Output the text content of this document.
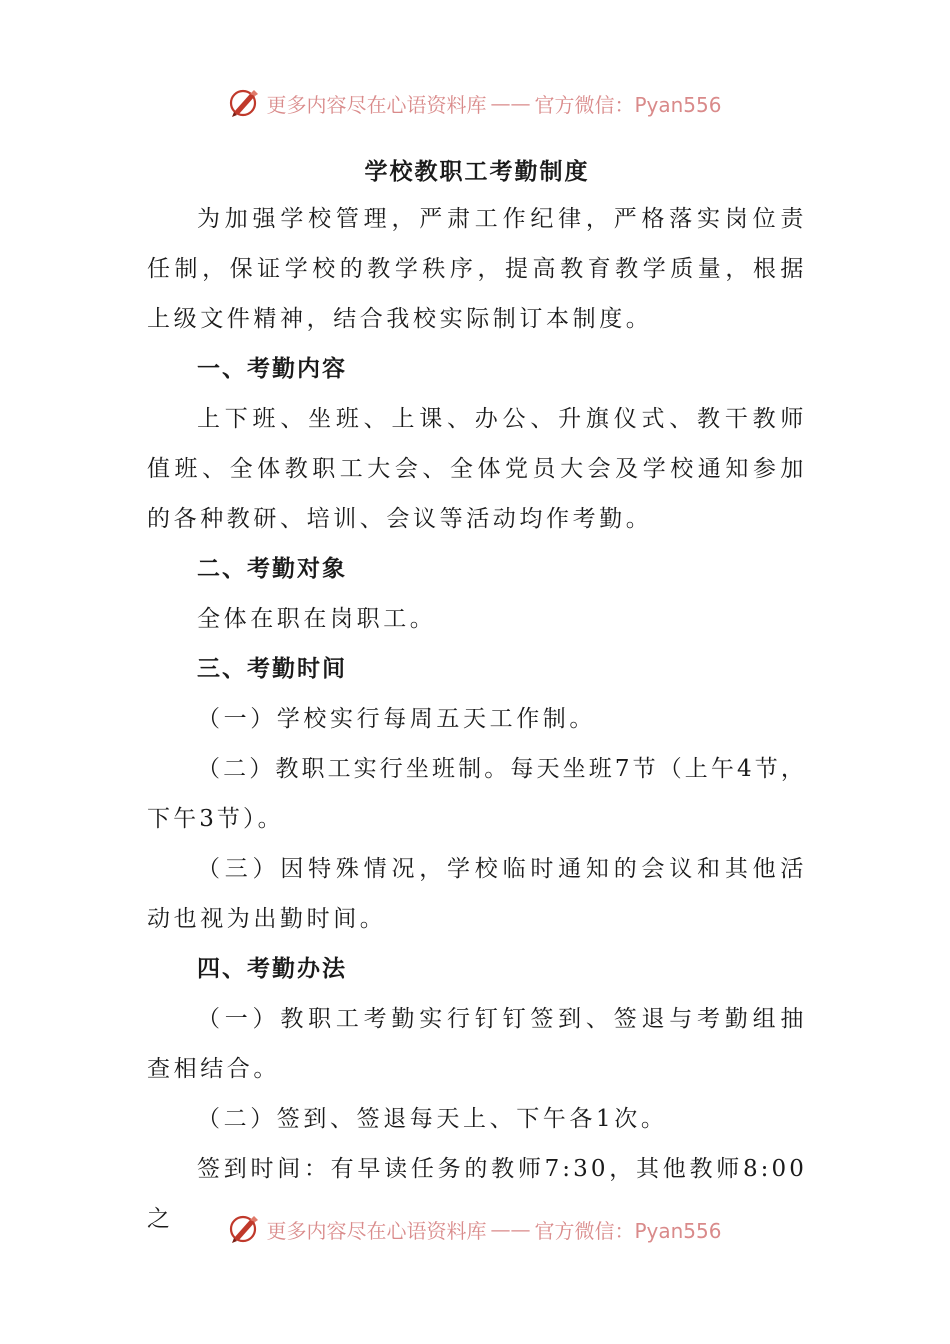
更多内容尽在心语资料库 —— 官方微信：Pyan556
学校教职工考勤制度

为加强学校管理，严肃工作纪律，严格落实岗位责任制，保证学校的教学秩序，提高教育教学质量，根据上级文件精神，结合我校实际制订本制度。

一、考勤内容

上下班、坐班、上课、办公、升旗仪式、教干教师值班、全体教职工大会、全体党员大会及学校通知参加的各种教研、培训、会议等活动均作考勤。

二、考勤对象

全体在职在岗职工。

三、考勤时间

（一）学校实行每周五天工作制。

（二）教职工实行坐班制。每天坐班7节（上午4节，下午3节）。

（三）因特殊情况，学校临时通知的会议和其他活动也视为出勤时间。

四、考勤办法

（一）教职工考勤实行钉钉签到、签退与考勤组抽查相结合。

（二）签到、签退每天上、下午各1次。

签到时间：有早读任务的教师7:30，其他教师8:00之	更多内容尽在心语资料库 —— 官方微信：Pyan556
